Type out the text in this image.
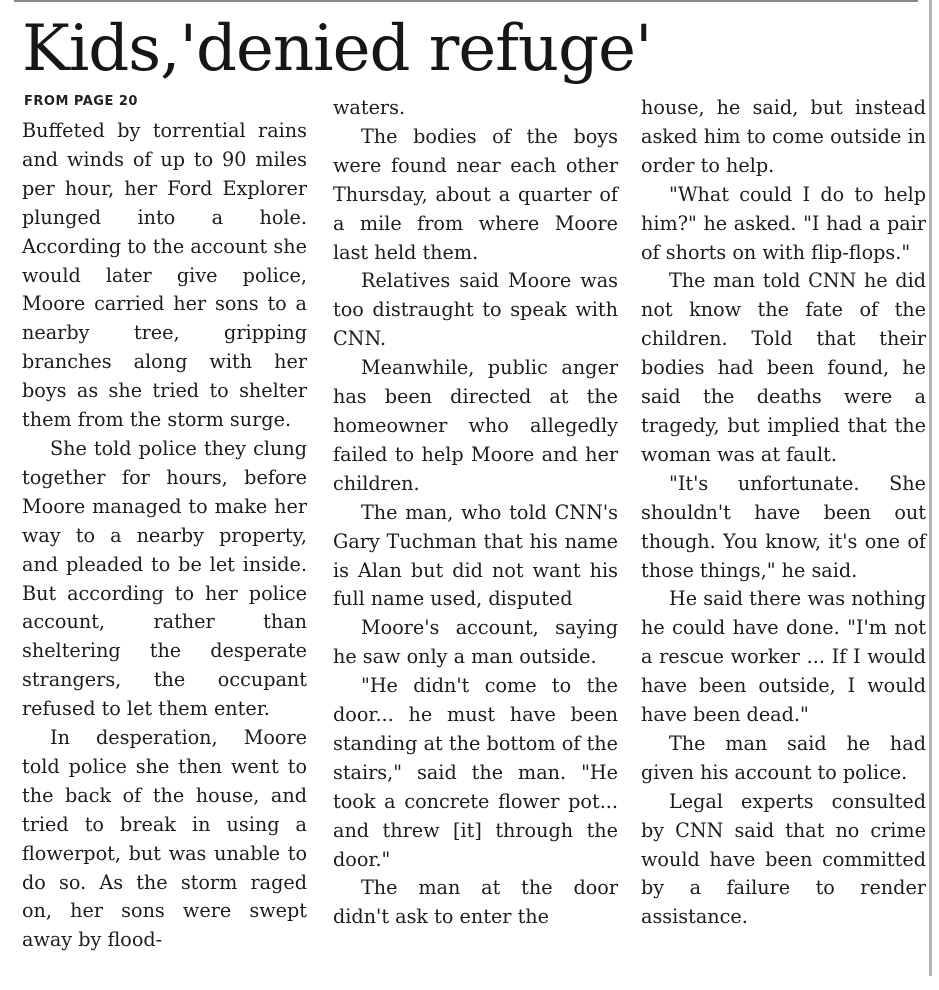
Kids,'denied refuge'
FROM PAGE 20

Buffeted by torrential rains and winds of up to 90 miles per hour, her Ford Explorer plunged into a hole. According to the account she would later give police, Moore carried her sons to a nearby tree, gripping branches along with her boys as she tried to shelter them from the storm surge.

She told police they clung together for hours, before Moore managed to make her way to a nearby property, and pleaded to be let inside. But according to her police account, rather than sheltering the desperate strangers, the occupant refused to let them enter.

In desperation, Moore told police she then went to the back of the house, and tried to break in using a flowerpot, but was unable to do so. As the storm raged on, her sons were swept away by flood-

waters.

The bodies of the boys were found near each other Thursday, about a quarter of a mile from where Moore last held them.

Relatives said Moore was too distraught to speak with CNN.

Meanwhile, public anger has been directed at the homeowner who allegedly failed to help Moore and her children.

The man, who told CNN's Gary Tuchman that his name is Alan but did not want his full name used, disputed

Moore's account, saying he saw only a man outside.

"He didn't come to the door... he must have been standing at the bottom of the stairs," said the man. "He took a concrete flower pot... and threw [it] through the door."

The man at the door didn't ask to enter the

house, he said, but instead asked him to come outside in order to help.

"What could I do to help him?" he asked. "I had a pair of shorts on with flip-flops."

The man told CNN he did not know the fate of the children. Told that their bodies had been found, he said the deaths were a tragedy, but implied that the woman was at fault.

"It's unfortunate. She shouldn't have been out though. You know, it's one of those things," he said.

He said there was nothing he could have done. "I'm not a rescue worker ... If I would have been outside, I would have been dead."

The man said he had given his account to police.

Legal experts consulted by CNN said that no crime would have been committed by a failure to render assistance.
